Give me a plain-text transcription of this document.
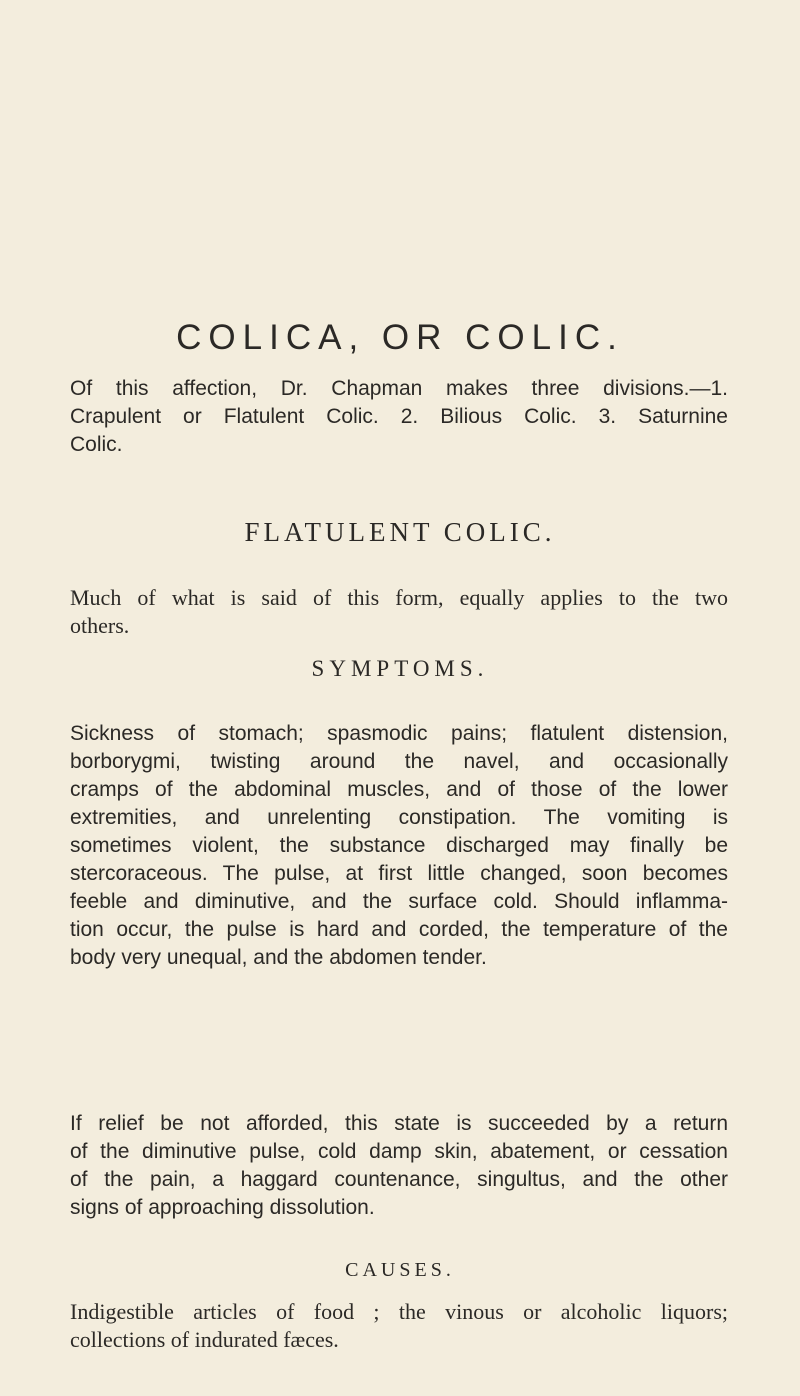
COLICA, OR COLIC.

Of this affection, Dr. Chapman makes three divisions.—1.
Crapulent or Flatulent Colic. 2. Bilious Colic. 3. Saturnine
Colic.

FLATULENT COLIC.

Much of what is said of this form, equally applies to the two
others.

SYMPTOMS.

Sickness of stomach; spasmodic pains; flatulent distension,
borborygmi, twisting around the navel, and occasionally
cramps of the abdominal muscles, and of those of the lower
extremities, and unrelenting constipation. The vomiting is
sometimes violent, the substance discharged may finally be
stercoraceous. The pulse, at first little changed, soon becomes
feeble and diminutive, and the surface cold. Should inflamma-
tion occur, the pulse is hard and corded, the temperature of the
body very unequal, and the abdomen tender.

If relief be not afforded, this state is succeeded by a return
of the diminutive pulse, cold damp skin, abatement, or cessation
of the pain, a haggard countenance, singultus, and the other
signs of approaching dissolution.

CAUSES.

Indigestible articles of food ; the vinous or alcoholic liquors;
collections of indurated fæces.
